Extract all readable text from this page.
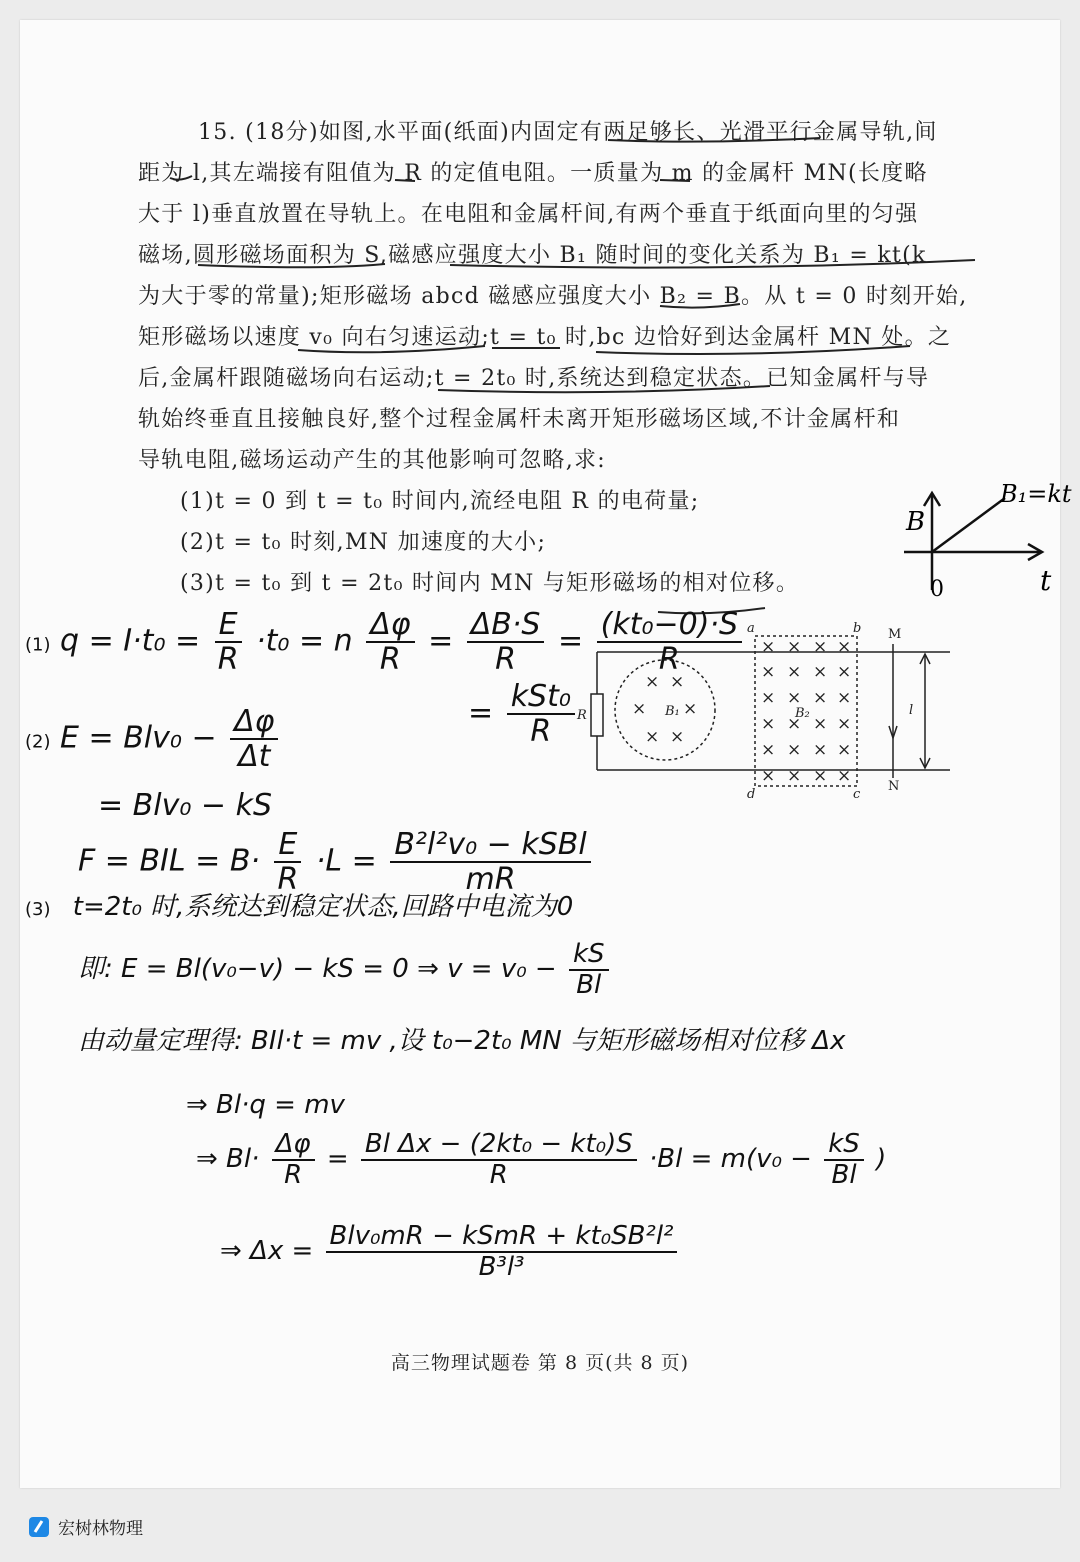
15. (18分)如图,水平面(纸面)内固定有两足够长、光滑平行金属导轨,间
距为 l,其左端接有阻值为 R 的定值电阻。一质量为 m 的金属杆 MN(长度略
大于 l)垂直放置在导轨上。在电阻和金属杆间,有两个垂直于纸面向里的匀强
磁场,圆形磁场面积为 S,磁感应强度大小 B₁ 随时间的变化关系为 B₁ = kt(k
为大于零的常量);矩形磁场 abcd 磁感应强度大小 B₂ = B。从 t = 0 时刻开始,
矩形磁场以速度 v₀ 向右匀速运动;t = t₀ 时,bc 边恰好到达金属杆 MN 处。之
后,金属杆跟随磁场向右运动;t = 2t₀ 时,系统达到稳定状态。已知金属杆与导
轨始终垂直且接触良好,整个过程金属杆未离开矩形磁场区域,不计金属杆和
导轨电阻,磁场运动产生的其他影响可忽略,求:
(1)t = 0 到 t = t₀ 时间内,流经电阻 R 的电荷量;
(2)t = t₀ 时刻,MN 加速度的大小;
(3)t = t₀ 到 t = 2t₀ 时间内 MN 与矩形磁场的相对位移。
B
t
0
B₁=kt
× ×
× ×
× ×
× × × ×
× × × ×
× × × ×
× × × ×
× × × ×
× × × ×
a	b
c
d
M
N
R	B₁	B₂	l
(1) $q = I\cdot t_0 = \frac{E}{R} \cdot t_0 = n \frac{\Delta\varphi}{R} = \frac{\Delta B\cdot S}{R} = \frac{\text{(kt₀−0)·S}}{R}$
= $\frac{\text{kSt₀}}{R}$
(2) $E = Blv_0 - \frac{\Delta\varphi}{\Delta t}$
= Blv₀ − kS
F = BIL = $B\cdot \frac{E}{R} \cdot L = \frac{\text{B²l²v₀ − kSBl}}{mR}$
(3) t=2t₀ 时,系统达到稳定状态,回路中电流为0
即: E = Bl(v₀−v) − kS = 0 ⇒ $v = v_0 - \frac{kS}{Bl}$
由动量定理得: BIl·t = mv ,设 t₀−2t₀ MN 与矩形磁场相对位移 Δx
⇒ Bl·q = mv
⇒ $Bl\cdot \frac{\Delta\varphi}{R} = \frac{\text{Bl Δx − (2kt₀ − kt₀)S}}{R} \cdot Bl = m(v_0 - \frac{kS}{Bl}$ )
⇒ $\Delta x = \frac{\text{Blv₀mR − kSmR + kt₀SB²l²}}{\text{B³l³}}$
高三物理试题卷 第 8 页(共 8 页)
宏树林物理
